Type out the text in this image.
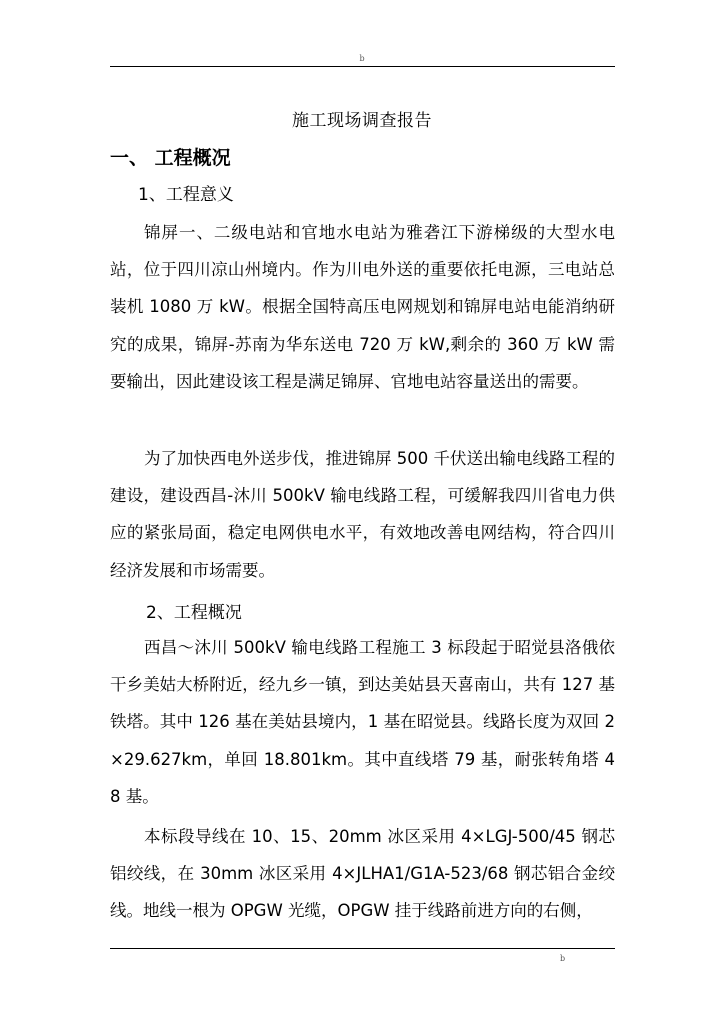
b
施工现场调查报告
一、 工程概况
1、工程意义

锦屏一、二级电站和官地水电站为雅砻江下游梯级的大型水电站，位于四川凉山州境内。作为川电外送的重要依托电源，三电站总装机 1080 万 kW。根据全国特高压电网规划和锦屏电站电能消纳研究的成果，锦屏-苏南为华东送电 720 万 kW,剩余的 360 万 kW 需要输出，因此建设该工程是满足锦屏、官地电站容量送出的需要。

为了加快西电外送步伐，推进锦屏 500 千伏送出输电线路工程的建设，建设西昌-沐川 500kV 输电线路工程，可缓解我四川省电力供应的紧张局面，稳定电网供电水平，有效地改善电网结构，符合四川经济发展和市场需要。

2、工程概况

西昌～沐川 500kV 输电线路工程施工 3 标段起于昭觉县洛俄依干乡美姑大桥附近，经九乡一镇，到达美姑县天喜南山，共有 127 基铁塔。其中 126 基在美姑县境内，1 基在昭觉县。线路长度为双回 2×29.627km，单回 18.801km。其中直线塔 79 基，耐张转角塔 48 基。

本标段导线在 10、15、20mm 冰区采用 4×LGJ-500/45 钢芯铝绞线，在 30mm 冰区采用 4×JLHA1/G1A-523/68 钢芯铝合金绞线。地线一根为 OPGW 光缆，OPGW 挂于线路前进方向的右侧，

b
